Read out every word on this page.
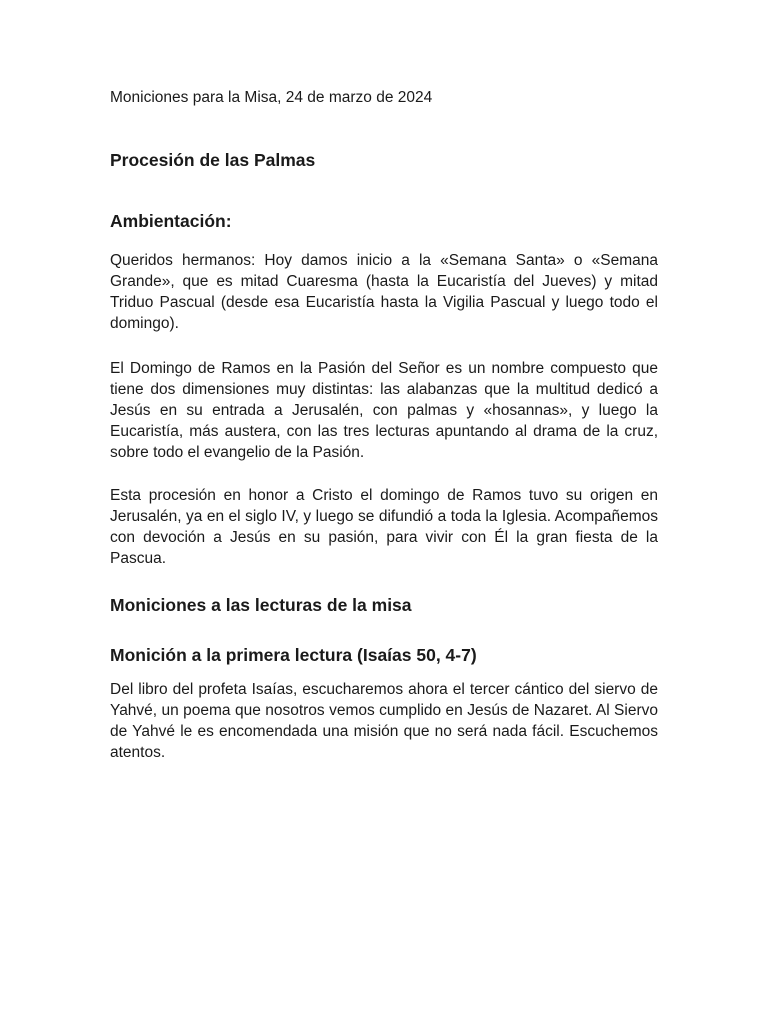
Moniciones para la Misa, 24 de marzo de 2024
Procesión de las Palmas
Ambientación:

Queridos hermanos: Hoy damos inicio a la «Semana Santa» o «Semana Grande», que es mitad Cuaresma (hasta la Eucaristía del Jueves) y mitad Triduo Pascual (desde esa Eucaristía hasta la Vigilia Pascual y luego todo el domingo).

El Domingo de Ramos en la Pasión del Señor es un nombre compuesto que tiene dos dimensiones muy distintas: las alabanzas que la multitud dedicó a Jesús en su entrada a Jerusalén, con palmas y «hosannas», y luego la Eucaristía, más austera, con las tres lecturas apuntando al drama de la cruz, sobre todo el evangelio de la Pasión.

Esta procesión en honor a Cristo el domingo de Ramos tuvo su origen en Jerusalén, ya en el siglo IV, y luego se difundió a toda la Iglesia. Acompañemos con devoción a Jesús en su pasión, para vivir con Él la gran fiesta de la Pascua.

Moniciones a las lecturas de la misa
Monición a la primera lectura (Isaías 50, 4-7)

Del libro del profeta Isaías, escucharemos ahora el tercer cántico del siervo de Yahvé, un poema que nosotros vemos cumplido en Jesús de Nazaret. Al Siervo de Yahvé le es encomendada una misión que no será nada fácil. Escuchemos atentos.
